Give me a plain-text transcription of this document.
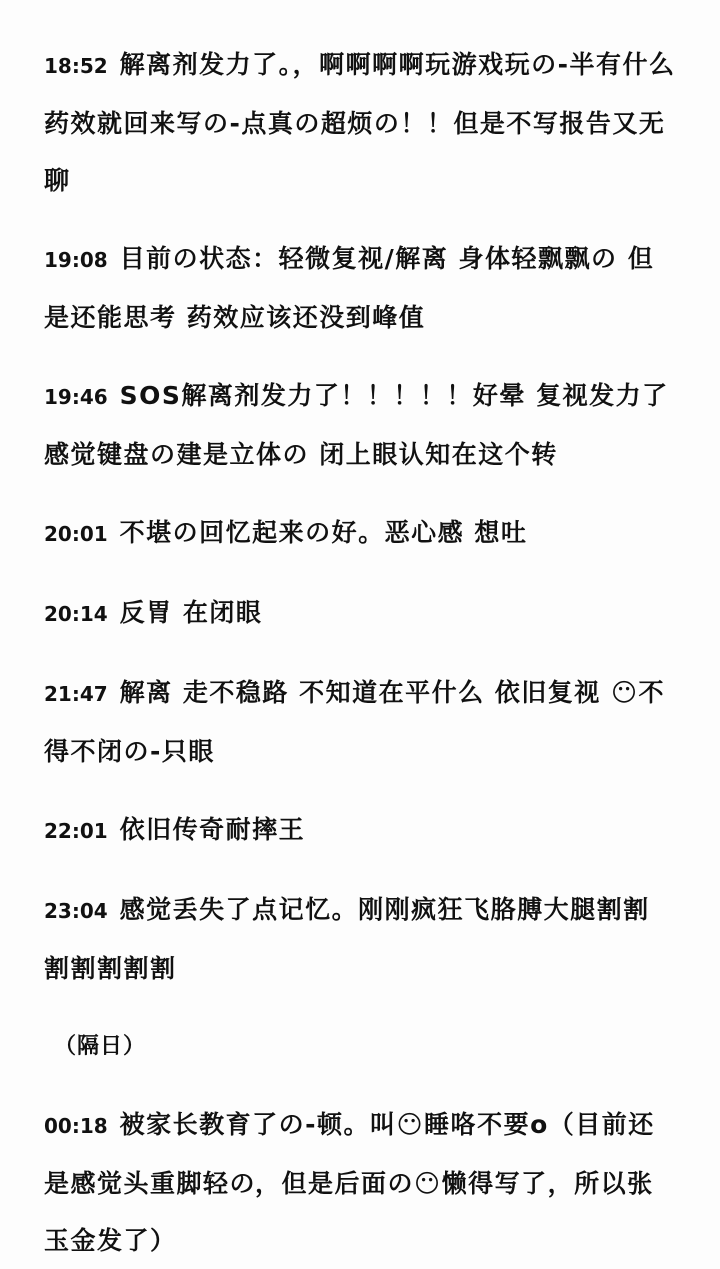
18:52 解离剂发力了。，啊啊啊啊玩游戏玩の-半有什么药效就回来写の-点真の超烦の！！但是不写报告又无聊

19:08 目前の状态：轻微复视/解离 身体轻飘飘の 但是还能思考 药效应该还没到峰值

19:46 SOS解离剂发力了！！！！！好晕 复视发力了 感觉键盘の建是立体の 闭上眼认知在这个转

20:01 不堪の回忆起来の好。恶心感 想吐

20:14 反胃 在闭眼

21:47 解离 走不稳路 不知道在平什么 依旧复视 😶不得不闭の-只眼

22:01 依旧传奇耐摔王

23:04 感觉丢失了点记忆。刚刚疯狂飞胳膊大腿割割割割割割割

（隔日）

00:18 被家长教育了の-顿。叫😶睡咯不要o（目前还是感觉头重脚轻の，但是后面の😶懒得写了，所以张玉金发了）
